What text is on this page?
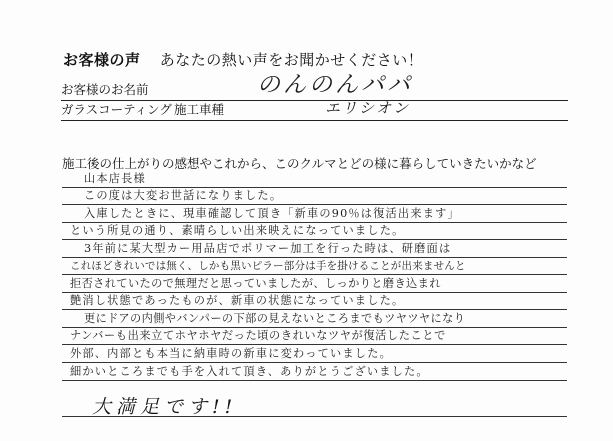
お客様の声 あなたの熱い声をお聞かせください！
お客様のお名前	のんのんパパ
ガラスコーティング 施工車種	エリシオン
施工後の仕上がりの感想やこれから、このクルマとどの様に暮らしていきたいかなど
山本店長様
この度は大変お世話になりました。
入庫したときに、現車確認して頂き「新車の90％は復活出来ます」
という所見の通り、素晴らしい出来映えになっていました。
3年前に某大型カー用品店でポリマー加工を行った時は、研磨面は
これほどきれいでは無く、しかも黒いピラー部分は手を掛けることが出来ませんと
拒否されていたので無理だと思っていましたが、しっかりと磨き込まれ
艶消し状態であったものが、新車の状態になっていました。
更にドアの内側やバンパーの下部の見えないところまでもツヤツヤになり
ナンバーも出来立てホヤホヤだった頃のきれいなツヤが復活したことで
外部、内部とも本当に納車時の新車に変わっていました。
細かいところまでも手を入れて頂き、ありがとうございました。
大満足です!!
